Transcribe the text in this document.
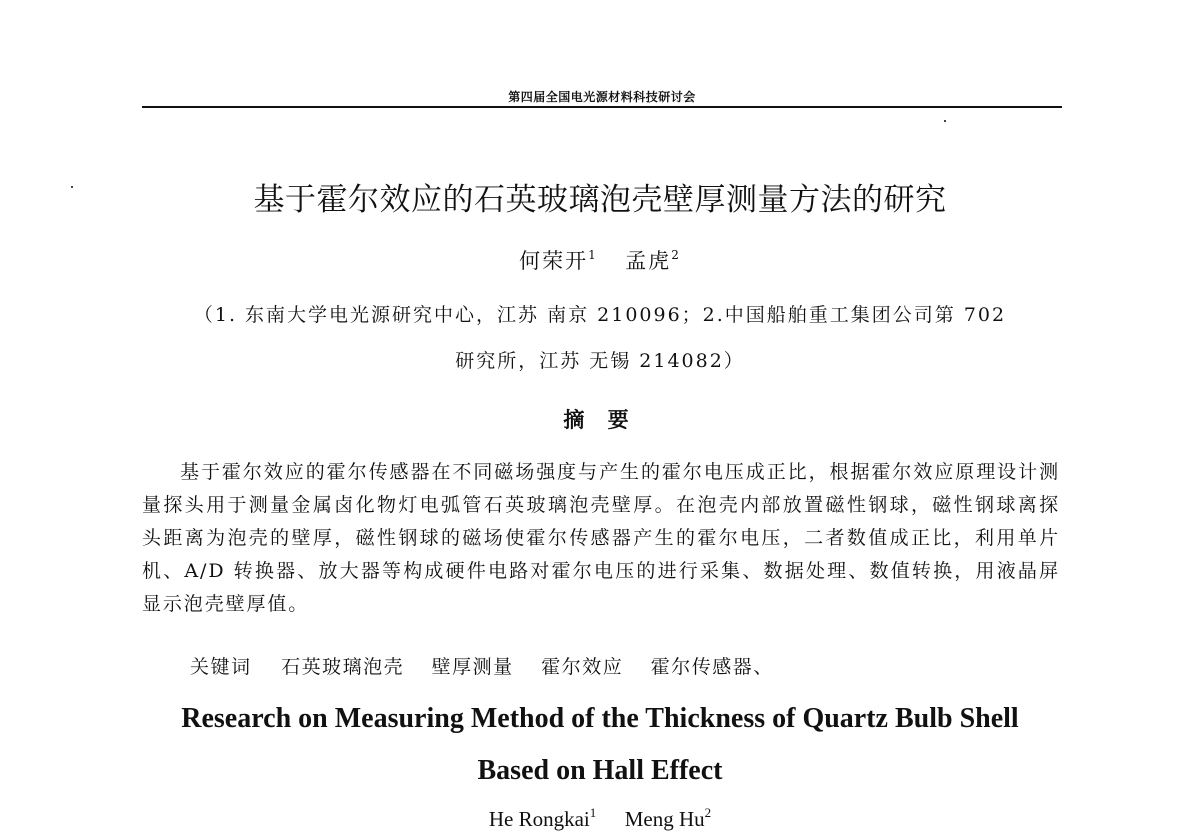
第四届全国电光源材料科技研讨会
基于霍尔效应的石英玻璃泡壳壁厚测量方法的研究
何荣开$^1$ 孟虎$^2$
（1. 东南大学电光源研究中心，江苏 南京 210096；2.中国船舶重工集团公司第 702
研究所，江苏 无锡 214082）
摘 要
基于霍尔效应的霍尔传感器在不同磁场强度与产生的霍尔电压成正比，根据霍尔效应原理设计测量探头用于测量金属卤化物灯电弧管石英玻璃泡壳壁厚。在泡壳内部放置磁性钢球，磁性钢球离探头距离为泡壳的壁厚，磁性钢球的磁场使霍尔传感器产生的霍尔电压，二者数值成正比，利用单片机、A/D 转换器、放大器等构成硬件电路对霍尔电压的进行采集、数据处理、数值转换，用液晶屏显示泡壳壁厚值。
关键词 石英玻璃泡壳 壁厚测量 霍尔效应 霍尔传感器、
Research on Measuring Method of the Thickness of Quartz Bulb Shell
Based on Hall Effect
He Rongkai$^1$ Meng Hu$^2$
